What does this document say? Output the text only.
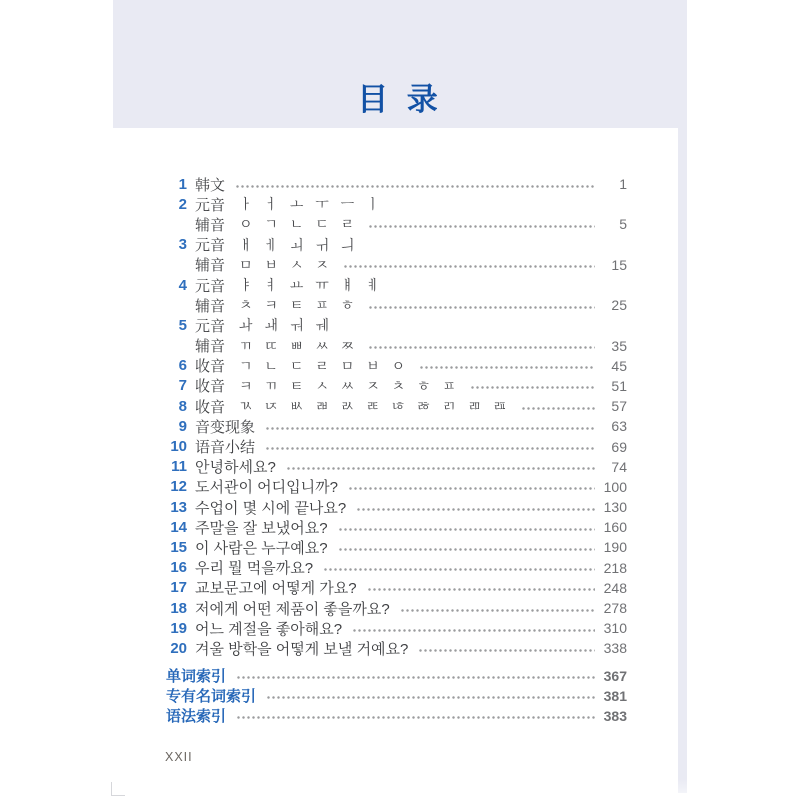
目 录
1 韩文	1
2 元音 ㅏ ㅓ ㅗ ㅜ ㅡ ㅣ
辅音 ㅇ ㄱ ㄴ ㄷ ㄹ	5
3 元音 ㅐ ㅔ ㅚ ㅟ ㅢ
辅音 ㅁ ㅂ ㅅ ㅈ	15
4 元音 ㅑ ㅕ ㅛ ㅠ ㅒ ㅖ
辅音 ㅊ ㅋ ㅌ ㅍ ㅎ	25
5 元音 ㅘ ㅙ ㅝ ㅞ
辅音 ㄲ ㄸ ㅃ ㅆ ㅉ	35
6 收音 ㄱ ㄴ ㄷ ㄹ ㅁ ㅂ ㅇ	45
7 收音 ㅋ ㄲ ㅌ ㅅ ㅆ ㅈ ㅊ ㅎ ㅍ	51
8 收音 ㄳ ㄵ ㅄ ㄼ ㄽ ㄾ ㄶ ㅀ ㄺ ㄻ ㄿ	57
9 音变现象	63
10 语音小结	69
11 안녕하세요?	74
12 도서관이 어디입니까?	100
13 수업이 몇 시에 끝나요?	130
14 주말을 잘 보냈어요?	160
15 이 사람은 누구예요?	190
16 우리 뭘 먹을까요?	218
17 교보문고에 어떻게 가요?	248
18 저에게 어떤 제품이 좋을까요?	278
19 어느 계절을 좋아해요?	310
20 겨울 방학을 어떻게 보낼 거예요?	338
单词索引	367
专有名词索引	381
语法索引	383
XXII
